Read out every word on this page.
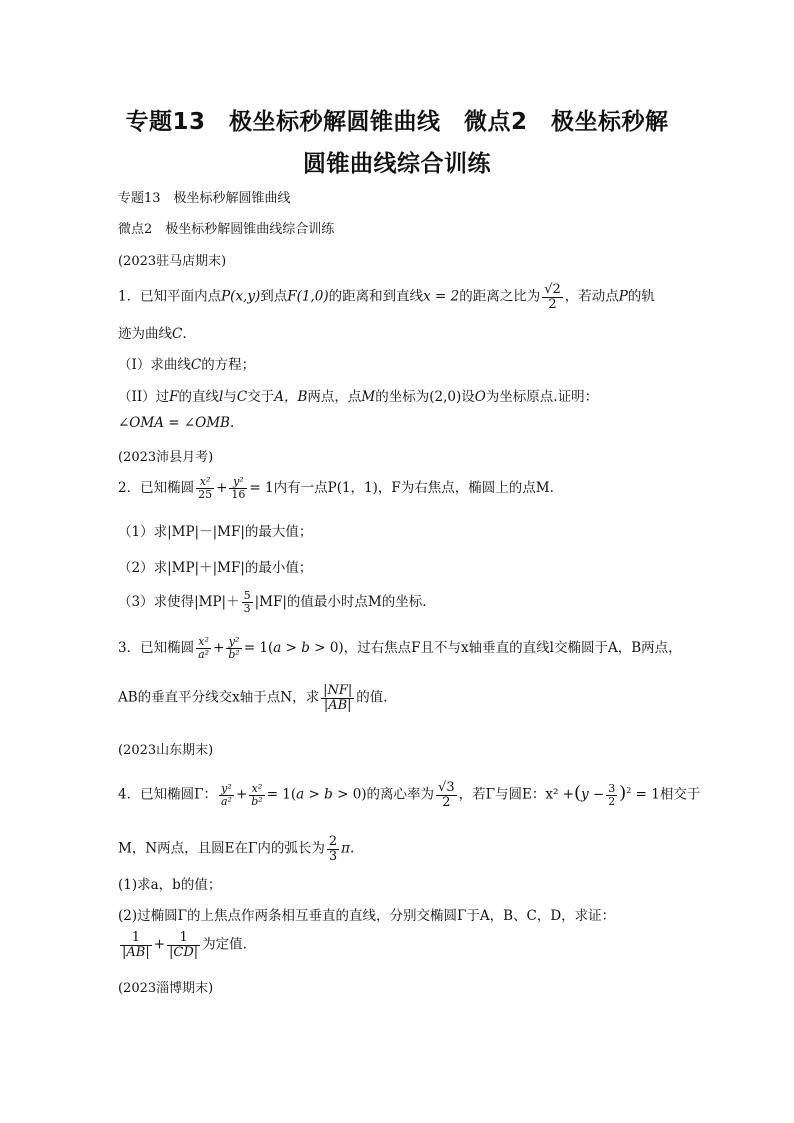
专题13　极坐标秒解圆锥曲线　微点2　极坐标秒解
圆锥曲线综合训练
专题13　极坐标秒解圆锥曲线
微点2　极坐标秒解圆锥曲线综合训练
(2023驻马店期末)
1．已知平面内点P(x,y)到点F(1,0)的距离和到直线x = 2的距离之比为 $\frac{√2}{2}$ ，若动点P的轨
迹为曲线C.
（I）求曲线C的方程；
（II）过F的直线l与C交于A，B两点，点M的坐标为(2,0)设O为坐标原点.证明：
∠OMA = ∠OMB.
(2023沛县月考)
2．已知椭圆 $\frac{\text{x²}}{25} + \frac{\text{y²}}{16} = 1$内有一点P(1，1)，F为右焦点，椭圆上的点M.
（1）求|MP|－|MF|的最大值；
（2）求|MP|＋|MF|的最小值；
（3）求使得$|MP|+ \frac{5}{3} |MF|$的值最小时点M的坐标.
3．已知椭圆 $\frac{\text{x²}}{\text{a²}} + \frac{\text{y²}}{\text{b²}} = 1(a > b > 0)$，过右焦点F且不与x轴垂直的直线l交椭圆于A，B两点，
AB的垂直平分线交x轴于点N，求 $\frac{|NF|}{|AB|}$ 的值.
(2023山东期末)
4．已知椭圆Γ： $\frac{\text{y²}}{\text{a²}} + \frac{\text{x²}}{\text{b²}} = 1(a > b > 0)$的离心率为 $\frac{√3}{2}$ ，若Γ与圆E：$x^2 +(y - \frac{3}{2} )^2 = 1$相交于
M，N两点，且圆E在Γ内的弧长为 $\frac{2}{3} \pi$.
(1)求a，b的值；
(2)过椭圆Γ的上焦点作两条相互垂直的直线，分别交椭圆Γ于A，B、C，D，求证：
$\frac{1}{|AB|} + \frac{1}{|CD|}$ 为定值.
(2023淄博期末)
